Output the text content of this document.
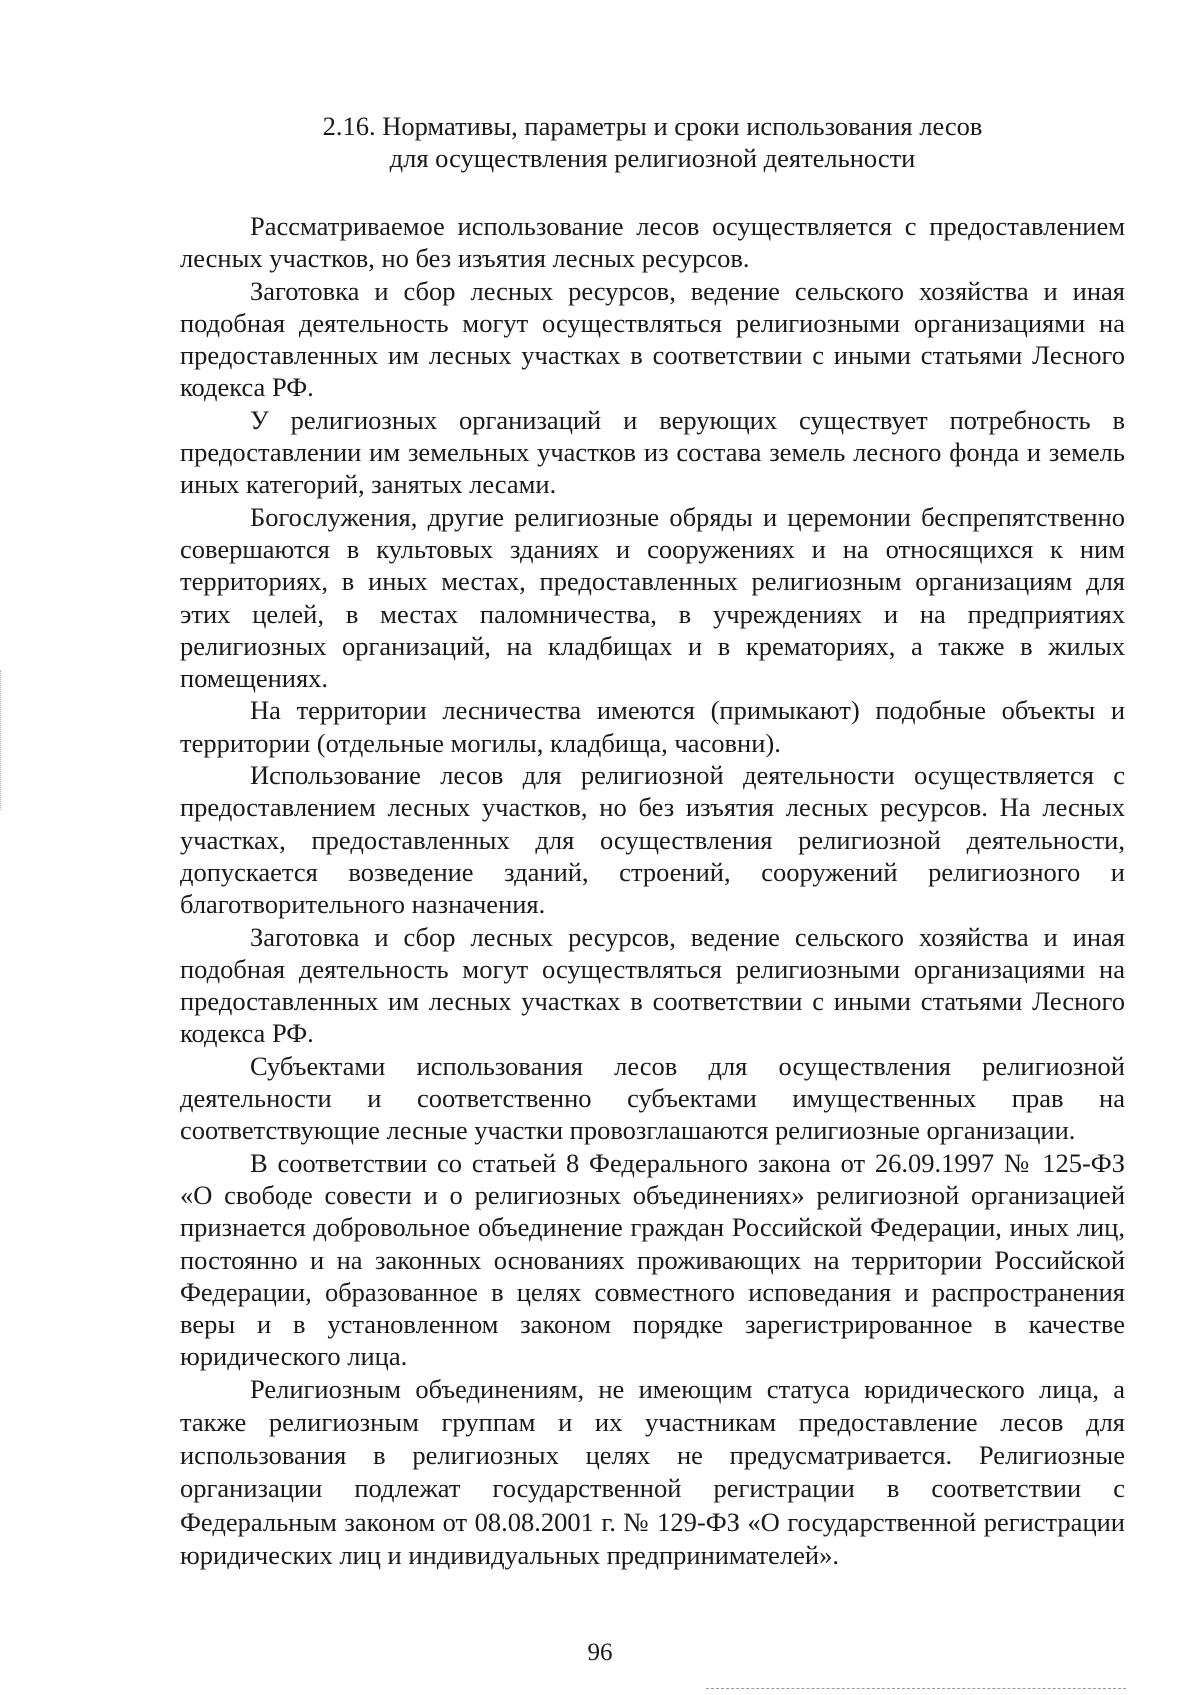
2.16. Нормативы, параметры и сроки использования лесов
для осуществления религиозной деятельности

Рассматриваемое использование лесов осуществляется с предоставлением лесных участков, но без изъятия лесных ресурсов.

Заготовка и сбор лесных ресурсов, ведение сельского хозяйства и иная подобная деятельность могут осуществляться религиозными организациями на предоставленных им лесных участках в соответствии с иными статьями Лесного кодекса РФ.

У религиозных организаций и верующих существует потребность в предоставлении им земельных участков из состава земель лесного фонда и земель иных категорий, занятых лесами.

Богослужения, другие религиозные обряды и церемонии беспрепятственно совершаются в культовых зданиях и сооружениях и на относящихся к ним территориях, в иных местах, предоставленных религиозным организациям для этих целей, в местах паломничества, в учреждениях и на предприятиях религиозных организаций, на кладбищах и в крематориях, а также в жилых помещениях.

На территории лесничества имеются (примыкают) подобные объекты и территории (отдельные могилы, кладбища, часовни).

Использование лесов для религиозной деятельности осуществляется с предоставлением лесных участков, но без изъятия лесных ресурсов. На лесных участках, предоставленных для осуществления религиозной деятельности, допускается возведение зданий, строений, сооружений религиозного и благотворительного назначения.

Заготовка и сбор лесных ресурсов, ведение сельского хозяйства и иная подобная деятельность могут осуществляться религиозными организациями на предоставленных им лесных участках в соответствии с иными статьями Лесного кодекса РФ.

Субъектами использования лесов для осуществления религиозной деятельности и соответственно субъектами имущественных прав на соответствующие лесные участки провозглашаются религиозные организации.

В соответствии со статьей 8 Федерального закона от 26.09.1997 № 125-ФЗ «О свободе совести и о религиозных объединениях» религиозной организацией признается добровольное объединение граждан Российской Федерации, иных лиц, постоянно и на законных основаниях проживающих на территории Российской Федерации, образованное в целях совместного исповедания и распространения веры и в установленном законом порядке зарегистрированное в качестве юридического лица.

Религиозным объединениям, не имеющим статуса юридического лица, а также религиозным группам и их участникам предоставление лесов для использования в религиозных целях не предусматривается. Религиозные организации подлежат государственной регистрации в соответствии с Федеральным законом от 08.08.2001 г. № 129-ФЗ «О государственной регистрации юридических лиц и индивидуальных предпринимателей».

96
